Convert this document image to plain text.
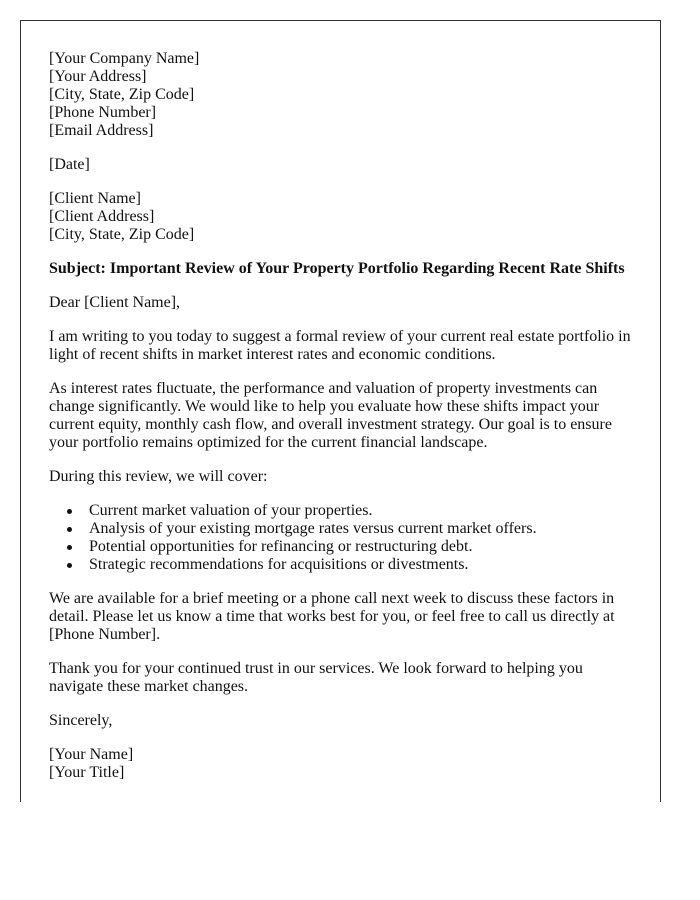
[Your Company Name]
[Your Address]
[City, State, Zip Code]
[Phone Number]
[Email Address]
[Date]
[Client Name]
[Client Address]
[City, State, Zip Code]

Subject: Important Review of Your Property Portfolio Regarding Recent Rate Shifts

Dear [Client Name],

I am writing to you today to suggest a formal review of your current real estate portfolio in light of recent shifts in market interest rates and economic conditions.

As interest rates fluctuate, the performance and valuation of property investments can change significantly. We would like to help you evaluate how these shifts impact your current equity, monthly cash flow, and overall investment strategy. Our goal is to ensure your portfolio remains optimized for the current financial landscape.

During this review, we will cover:

Current market valuation of your properties.
Analysis of your existing mortgage rates versus current market offers.
Potential opportunities for refinancing or restructuring debt.
Strategic recommendations for acquisitions or divestments.

We are available for a brief meeting or a phone call next week to discuss these factors in detail. Please let us know a time that works best for you, or feel free to call us directly at [Phone Number].

Thank you for your continued trust in our services. We look forward to helping you navigate these market changes.

Sincerely,

[Your Name]
[Your Title]
